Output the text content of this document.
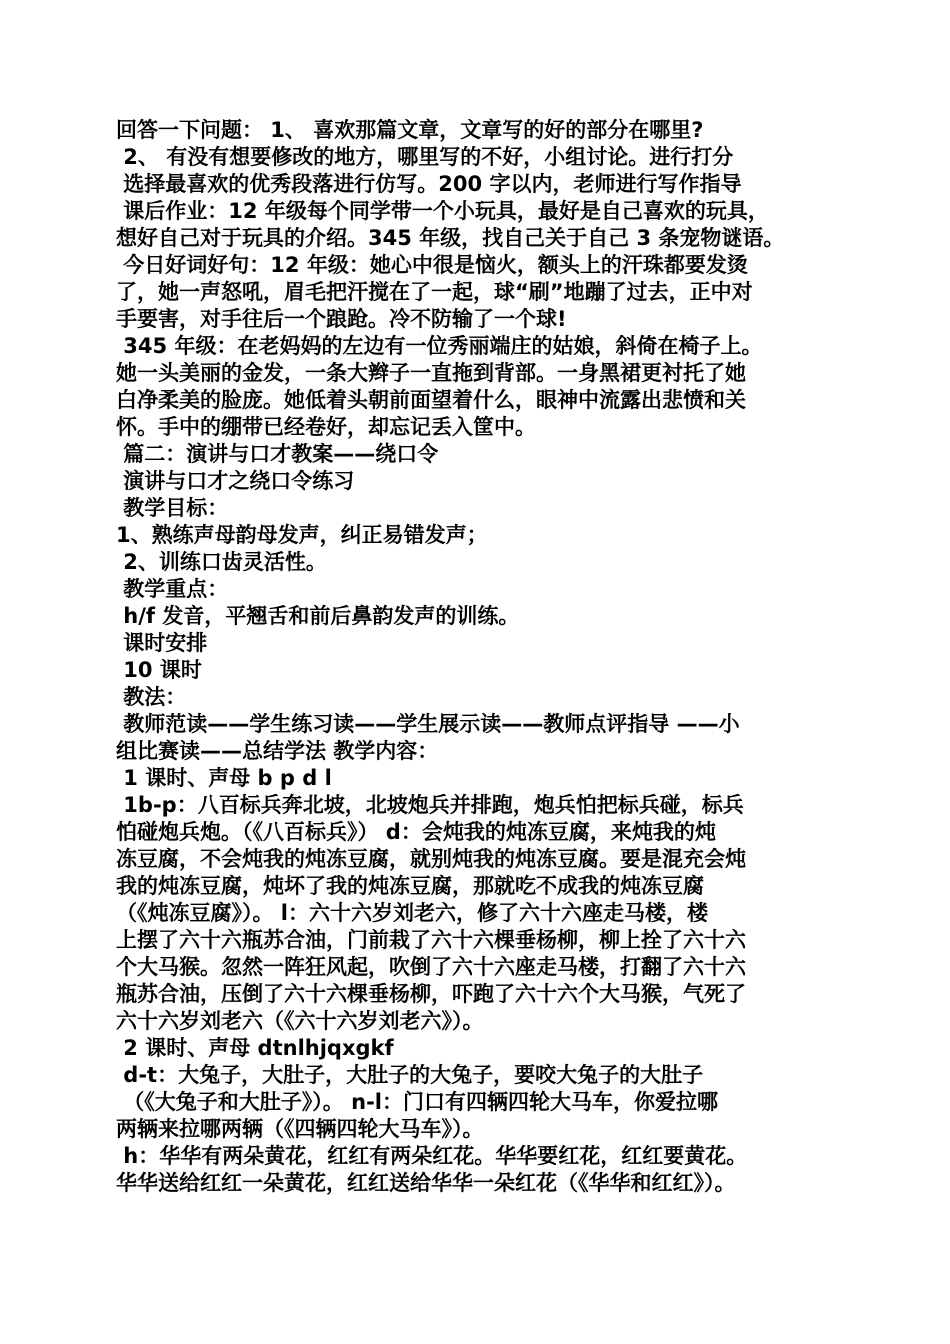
回答一下问题： 1、 喜欢那篇文章，文章写的好的部分在哪里?
2、 有没有想要修改的地方，哪里写的不好，小组讨论。进行打分
选择最喜欢的优秀段落进行仿写。200 字以内，老师进行写作指导
课后作业：12 年级每个同学带一个小玩具，最好是自己喜欢的玩具，
想好自己对于玩具的介绍。345 年级，找自己关于自己 3 条宠物谜语。
今日好词好句：12 年级：她心中很是恼火，额头上的汗珠都要发烫
了，她一声怒吼，眉毛把汗搅在了一起，球“刷”地蹦了过去，正中对
手要害，对手往后一个踉跄。冷不防输了一个球!
345 年级：在老妈妈的左边有一位秀丽端庄的姑娘，斜倚在椅子上。
她一头美丽的金发，一条大辫子一直拖到背部。一身黑裙更衬托了她
白净柔美的脸庞。她低着头朝前面望着什么，眼神中流露出悲愤和关
怀。手中的绷带已经卷好，却忘记丢入筐中。
篇二：演讲与口才教案——绕口令
演讲与口才之绕口令练习
教学目标：
1、熟练声母韵母发声，纠正易错发声；
2、训练口齿灵活性。
教学重点：
h/f 发音，平翘舌和前后鼻韵发声的训练。
课时安排
10 课时
教法：
教师范读——学生练习读——学生展示读——教师点评指导 ——小
组比赛读——总结学法 教学内容：
1 课时、声母 b p d l
1b-p：八百标兵奔北坡，北坡炮兵并排跑，炮兵怕把标兵碰，标兵
怕碰炮兵炮。（《八百标兵》） d：会炖我的炖冻豆腐，来炖我的炖
冻豆腐，不会炖我的炖冻豆腐，就别炖我的炖冻豆腐。要是混充会炖
我的炖冻豆腐，炖坏了我的炖冻豆腐，那就吃不成我的炖冻豆腐
（《炖冻豆腐》）。 l：六十六岁刘老六，修了六十六座走马楼，楼
上摆了六十六瓶苏合油，门前栽了六十六棵垂杨柳，柳上拴了六十六
个大马猴。忽然一阵狂风起，吹倒了六十六座走马楼，打翻了六十六
瓶苏合油，压倒了六十六棵垂杨柳，吓跑了六十六个大马猴，气死了
六十六岁刘老六（《六十六岁刘老六》）。
2 课时、声母 dtnlhjqxgkf
d-t：大兔子，大肚子，大肚子的大兔子，要咬大兔子的大肚子
（《大兔子和大肚子》）。 n-l：门口有四辆四轮大马车，你爱拉哪
两辆来拉哪两辆（《四辆四轮大马车》）。
h：华华有两朵黄花，红红有两朵红花。华华要红花，红红要黄花。
华华送给红红一朵黄花，红红送给华华一朵红花（《华华和红红》）。
